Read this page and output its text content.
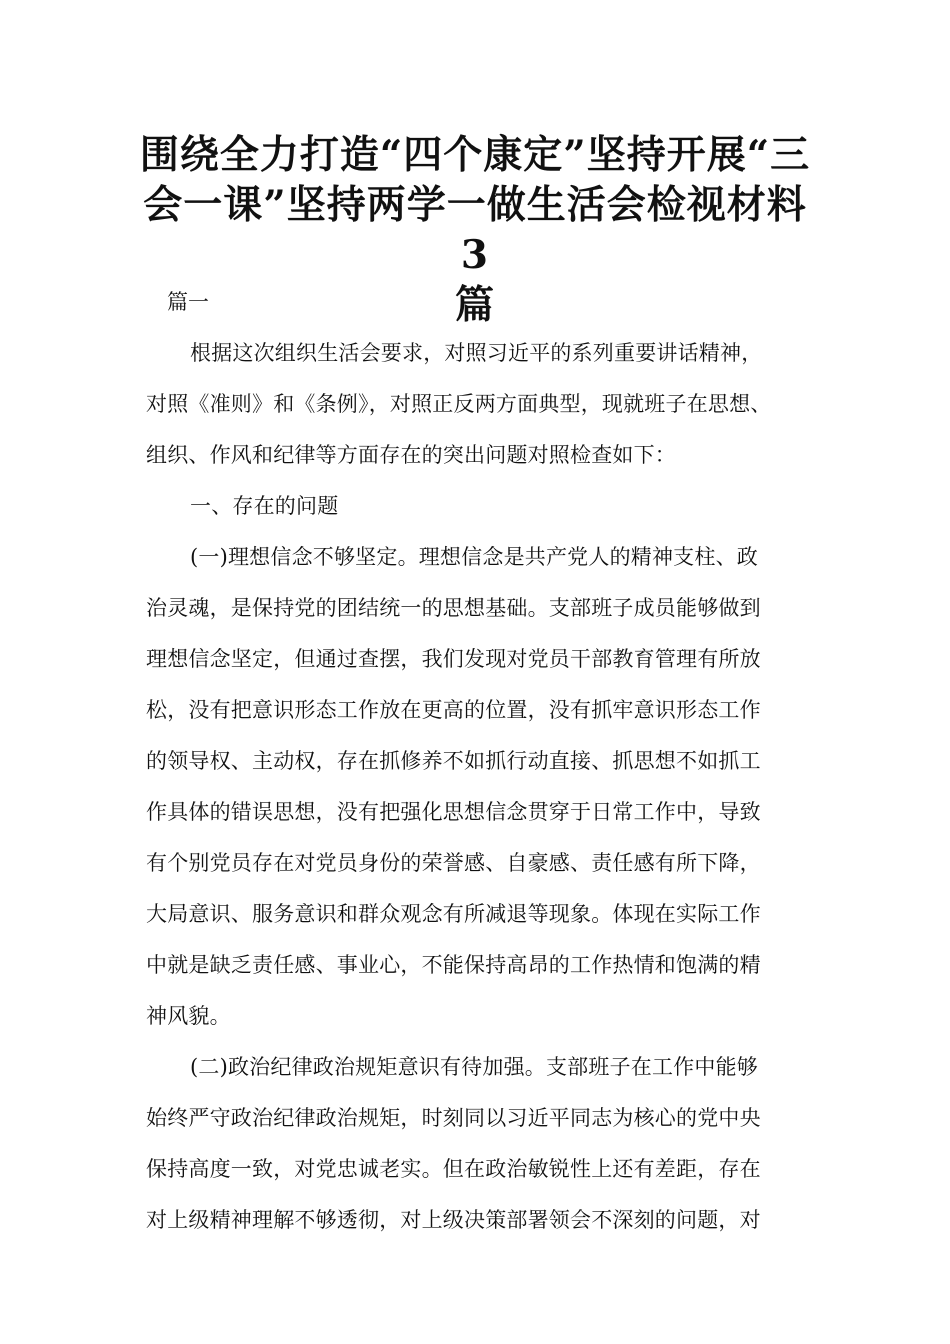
围绕全力打造“四个康定”坚持开展“三
会一课”坚持两学一做生活会检视材料3
篇
篇一
根据这次组织生活会要求，对照习近平的系列重要讲话精神，
对照《准则》和《条例》，对照正反两方面典型，现就班子在思想、
组织、作风和纪律等方面存在的突出问题对照检查如下：
一、存在的问题
(一)理想信念不够坚定。理想信念是共产党人的精神支柱、政
治灵魂，是保持党的团结统一的思想基础。支部班子成员能够做到
理想信念坚定，但通过查摆，我们发现对党员干部教育管理有所放
松，没有把意识形态工作放在更高的位置，没有抓牢意识形态工作
的领导权、主动权，存在抓修养不如抓行动直接、抓思想不如抓工
作具体的错误思想，没有把强化思想信念贯穿于日常工作中，导致
有个别党员存在对党员身份的荣誉感、自豪感、责任感有所下降，
大局意识、服务意识和群众观念有所减退等现象。体现在实际工作
中就是缺乏责任感、事业心，不能保持高昂的工作热情和饱满的精
神风貌。
(二)政治纪律政治规矩意识有待加强。支部班子在工作中能够
始终严守政治纪律政治规矩，时刻同以习近平同志为核心的党中央
保持高度一致，对党忠诚老实。但在政治敏锐性上还有差距，存在
对上级精神理解不够透彻，对上级决策部署领会不深刻的问题，对
